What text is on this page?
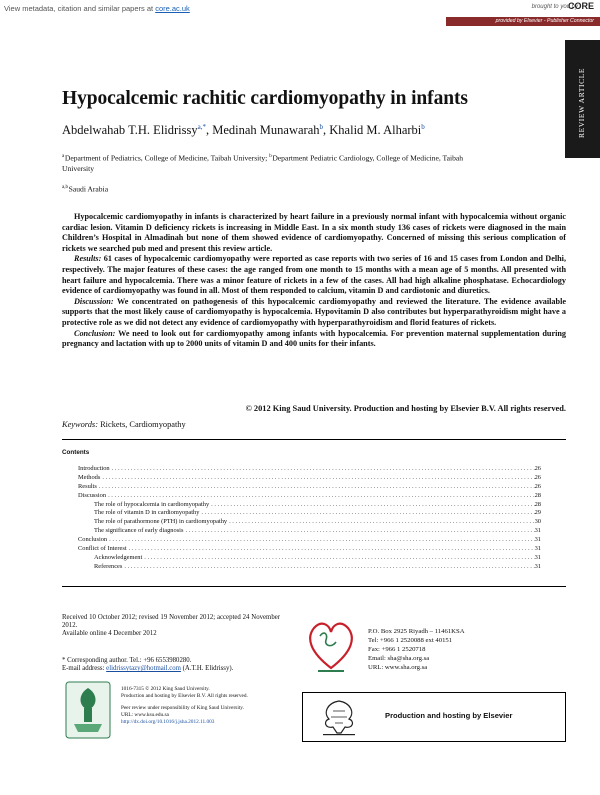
View metadata, citation and similar papers at core.ac.uk	brought to you by
CORE
provided by Elsevier - Publisher Connector
REVIEW ARTICLE
Hypocalcemic rachitic cardiomyopathy in infants
Abdelwahab T.H. Elidrissy$^{a,*}$, Medinah Munawarah$^b$, Khalid M. Alharbi$^b$
$^a$ Department of Pediatrics, College of Medicine, Taibah University; $^b$ Department Pediatric Cardiology, College of Medicine, Taibah University
$^{a,b}$ Saudi Arabia

Hypocalcemic cardiomyopathy in infants is characterized by heart failure in a previously normal infant with hypocalcemia without organic cardiac lesion. Vitamin D deficiency rickets is increasing in Middle East. In a six month study 136 cases of rickets were diagnosed in the main Children’s Hospital in Almadinah but none of them showed evidence of cardiomyopathy. Concerned of missing this serious complication of rickets we searched pub med and present this review article.

Results: 61 cases of hypocalcemic cardiomyopathy were reported as case reports with two series of 16 and 15 cases from London and Delhi, respectively. The major features of these cases: the age ranged from one month to 15 months with a mean age of 5 months. All presented with heart failure and hypocalcemia. There was a minor feature of rickets in a few of the cases. All had high alkaline phosphatase. Echocardiology evidence of cardiomyopathy was found in all. Most of them responded to calcium, vitamin D and cardiotonic and diuretics.

Discussion: We concentrated on pathogenesis of this hypocalcemic cardiomyopathy and reviewed the literature. The evidence available supports that the most likely cause of cardiomyopathy is hypocalcemia. Hypovitamin D also contributes but hyperparathyroidism might have a protective role as we did not detect any evidence of cardiomyopathy with hyperparathyroidism and florid features of rickets.

Conclusion: We need to look out for cardiomyopathy among infants with hypocalcemia. For prevention maternal supplementation during pregnancy and lactation with up to 2000 units of vitamin D and 400 units for their infants.

© 2012 King Saud University. Production and hosting by Elsevier B.V. All rights reserved.
Keywords: Rickets, Cardiomyopathy
Contents
Introduction . . .	26
Methods . . .	26
Results . . .	26
Discussion . . .	28
The role of hypocalcemia in cardiomyopathy . . .	28
The role of vitamin D in cardiomyopathy . . .	29
The role of parathormone (PTH) in cardiomyopathy . . .	30
The significance of early diagnosis . . .	31
Conclusion . . .	31
Conflict of Interest . . .	31
Acknowledgement . . .	31
References . . .	31
Received 10 October 2012; revised 19 November 2012; accepted 24 November 2012.
Available online 4 December 2012
* Corresponding author. Tel.: +96 6553980280.
E-mail address: elidrissytazy@hotmail.com (A.T.H. Elidrissy).
1016-7315 © 2012 King Saud University.
Production and hosting by Elsevier B.V. All rights reserved.
Peer review under responsibility of King Saud University.
URL: www.ksu.edu.sa
http://dx.doi.org/10.1016/j.jsha.2012.11.003
P.O. Box 2925 Riyadh – 11461KSA
Tel: +966 1 2520088 ext 40151
Fax: +966 1 2520718
Email: sha@sha.org.sa
URL: www.sha.org.sa
Production and hosting by Elsevier
